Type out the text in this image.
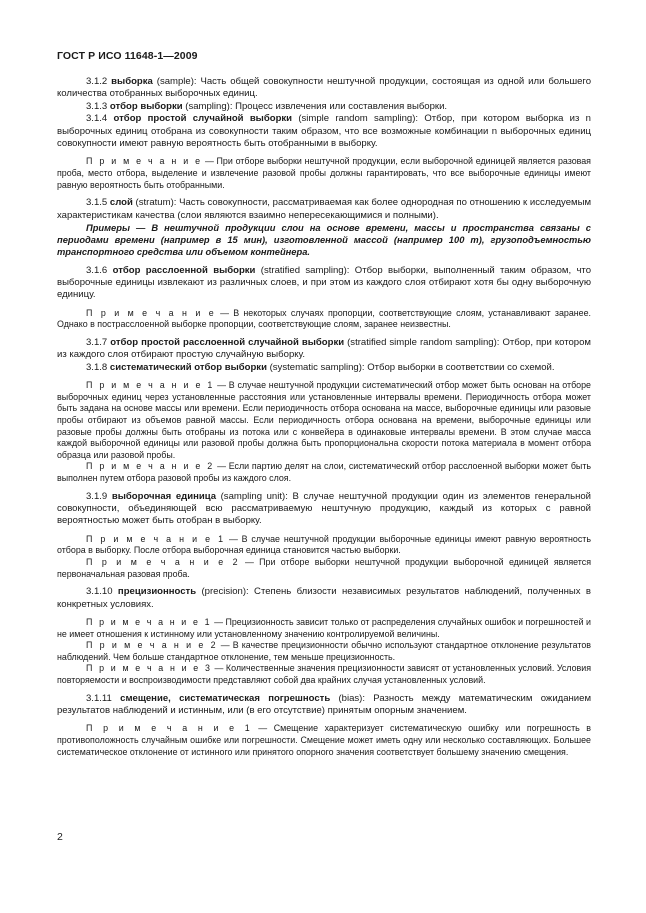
ГОСТ Р ИСО 11648-1—2009

3.1.2 выборка (sample): Часть общей совокупности нештучной продукции, состоящая из одной или большего количества отобранных выборочных единиц.

3.1.3 отбор выборки (sampling): Процесс извлечения или составления выборки.

3.1.4 отбор простой случайной выборки (simple random sampling): Отбор, при котором выборка из n выборочных единиц отобрана из совокупности таким образом, что все возможные комбинации n выборочных единиц совокупности имеют равную вероятность быть отобранными в выборку.

П р и м е ч а н и е — При отборе выборки нештучной продукции, если выборочной единицей является разовая проба, место отбора, выделение и извлечение разовой пробы должны гарантировать, что все выборочные единицы имеют равную вероятность быть отобранными.

3.1.5 слой (stratum): Часть совокупности, рассматриваемая как более однородная по отношению к исследуемым характеристикам качества (слои являются взаимно непересекающимися и полными).

Примеры — В нештучной продукции слои на основе времени, массы и пространства связаны с периодами времени (например в 15 мин), изготовленной массой (например 100 т), грузоподъемностью транспортного средства или объемом контейнера.

3.1.6 отбор расслоенной выборки (stratified sampling): Отбор выборки, выполненный таким образом, что выборочные единицы извлекают из различных слоев, и при этом из каждого слоя отбирают хотя бы одну выборочную единицу.

П р и м е ч а н и е — В некоторых случаях пропорции, соответствующие слоям, устанавливают заранее. Однако в пострасслоенной выборке пропорции, соответствующие слоям, заранее неизвестны.

3.1.7 отбор простой расслоенной случайной выборки (stratified simple random sampling): Отбор, при котором из каждого слоя отбирают простую случайную выборку.

3.1.8 систематический отбор выборки (systematic sampling): Отбор выборки в соответствии со схемой.

П р и м е ч а н и е 1 — В случае нештучной продукции систематический отбор может быть основан на отборе выборочных единиц через установленные расстояния или установленные интервалы времени. Периодичность отбора может быть задана на основе массы или времени. Если периодичность отбора основана на массе, выборочные единицы или разовые пробы отбирают из объемов равной массы. Если периодичность отбора основана на времени, выборочные единицы или разовые пробы должны быть отобраны из потока или с конвейера в одинаковые интервалы времени. В этом случае масса каждой выборочной единицы или разовой пробы должна быть пропорциональна скорости потока материала в момент отбора образца или разовой пробы.

П р и м е ч а н и е 2 — Если партию делят на слои, систематический отбор расслоенной выборки может быть выполнен путем отбора разовой пробы из каждого слоя.

3.1.9 выборочная единица (sampling unit): В случае нештучной продукции один из элементов генеральной совокупности, объединяющей всю рассматриваемую нештучную продукцию, каждый из которых с равной вероятностью может быть отобран в выборку.

П р и м е ч а н и е 1 — В случае нештучной продукции выборочные единицы имеют равную вероятность отбора в выборку. После отбора выборочная единица становится частью выборки.

П р и м е ч а н и е 2 — При отборе выборки нештучной продукции выборочной единицей является первоначальная разовая проба.

3.1.10 прецизионность (precision): Степень близости независимых результатов наблюдений, полученных в конкретных условиях.

П р и м е ч а н и е 1 — Прецизионность зависит только от распределения случайных ошибок и погрешностей и не имеет отношения к истинному или установленному значению контролируемой величины.

П р и м е ч а н и е 2 — В качестве прецизионности обычно используют стандартное отклонение результатов наблюдений. Чем больше стандартное отклонение, тем меньше прецизионность.

П р и м е ч а н и е 3 — Количественные значения прецизионности зависят от установленных условий. Условия повторяемости и воспроизводимости представляют собой два крайних случая установленных условий.

3.1.11 смещение, систематическая погрешность (bias): Разность между математическим ожиданием результатов наблюдений и истинным, или (в его отсутствие) принятым опорным значением.

П р и м е ч а н и е 1 — Смещение характеризует систематическую ошибку или погрешность в противоположность случайным ошибке или погрешности. Смещение может иметь одну или несколько составляющих. Большее систематическое отклонение от истинного или принятого опорного значения соответствует большему значению смещения.

2
